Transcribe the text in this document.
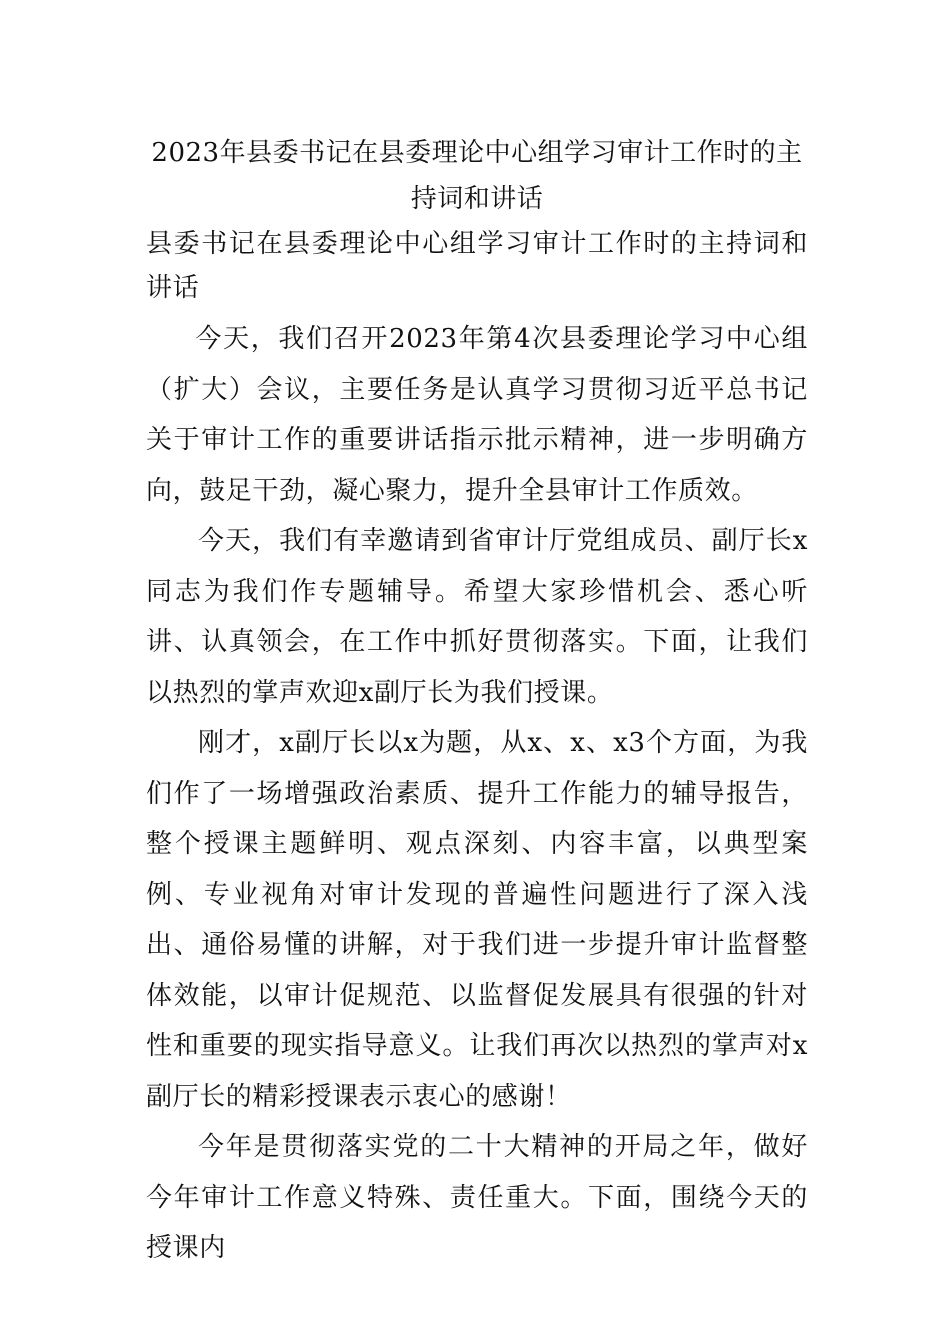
2023年县委书记在县委理论中心组学习审计工作时的主持词和讲话

县委书记在县委理论中心组学习审计工作时的主持词和讲话

今天，我们召开2023年第4次县委理论学习中心组（扩大）会议，主要任务是认真学习贯彻习近平总书记关于审计工作的重要讲话指示批示精神，进一步明确方向，鼓足干劲，凝心聚力，提升全县审计工作质效。

今天，我们有幸邀请到省审计厅党组成员、副厅长x同志为我们作专题辅导。希望大家珍惜机会、悉心听讲、认真领会，在工作中抓好贯彻落实。下面，让我们以热烈的掌声欢迎x副厅长为我们授课。

刚才，x副厅长以x为题，从x、x、x3个方面，为我们作了一场增强政治素质、提升工作能力的辅导报告，整个授课主题鲜明、观点深刻、内容丰富，以典型案例、专业视角对审计发现的普遍性问题进行了深入浅出、通俗易懂的讲解，对于我们进一步提升审计监督整体效能，以审计促规范、以监督促发展具有很强的针对性和重要的现实指导意义。让我们再次以热烈的掌声对x副厅长的精彩授课表示衷心的感谢！

今年是贯彻落实党的二十大精神的开局之年，做好今年审计工作意义特殊、责任重大。下面，围绕今天的授课内
